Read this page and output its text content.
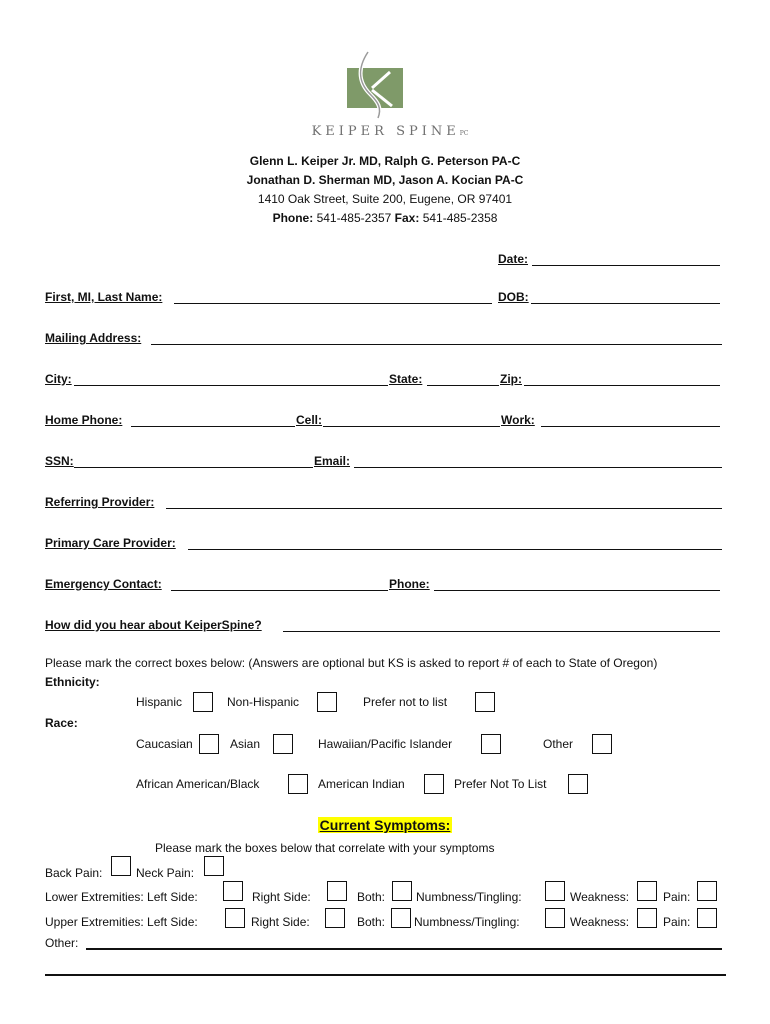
KEIPER SPINEPC
Glenn L. Keiper Jr. MD, Ralph G. Peterson PA-C
Jonathan D. Sherman MD, Jason A. Kocian PA-C
1410 Oak Street, Suite 200, Eugene, OR 97401
Phone: 541-485-2357 Fax: 541-485-2358
Date:
First, MI, Last Name:	DOB:
Mailing Address:
City:	State:	Zip:
Home Phone:	Cell:	Work:
SSN:	Email:
Referring Provider:
Primary Care Provider:
Emergency Contact:	Phone:
How did you hear about KeiperSpine?
Please mark the correct boxes below: (Answers are optional but KS is asked to report # of each to State of Oregon)
Ethnicity:
Hispanic	Non-Hispanic	Prefer not to list
Race:
Caucasian	Asian	Hawaiian/Pacific Islander	Other
African American/Black	American Indian	Prefer Not To List
Current Symptoms:
Please mark the boxes below that correlate with your symptoms
Back Pain:	Neck Pain:
Lower Extremities: Left Side:	Right Side:	Both:	Numbness/Tingling:	Weakness:	Pain:
Upper Extremities: Left Side:	Right Side:	Both: Numbness/Tingling:	Weakness:	Pain:
Other:
